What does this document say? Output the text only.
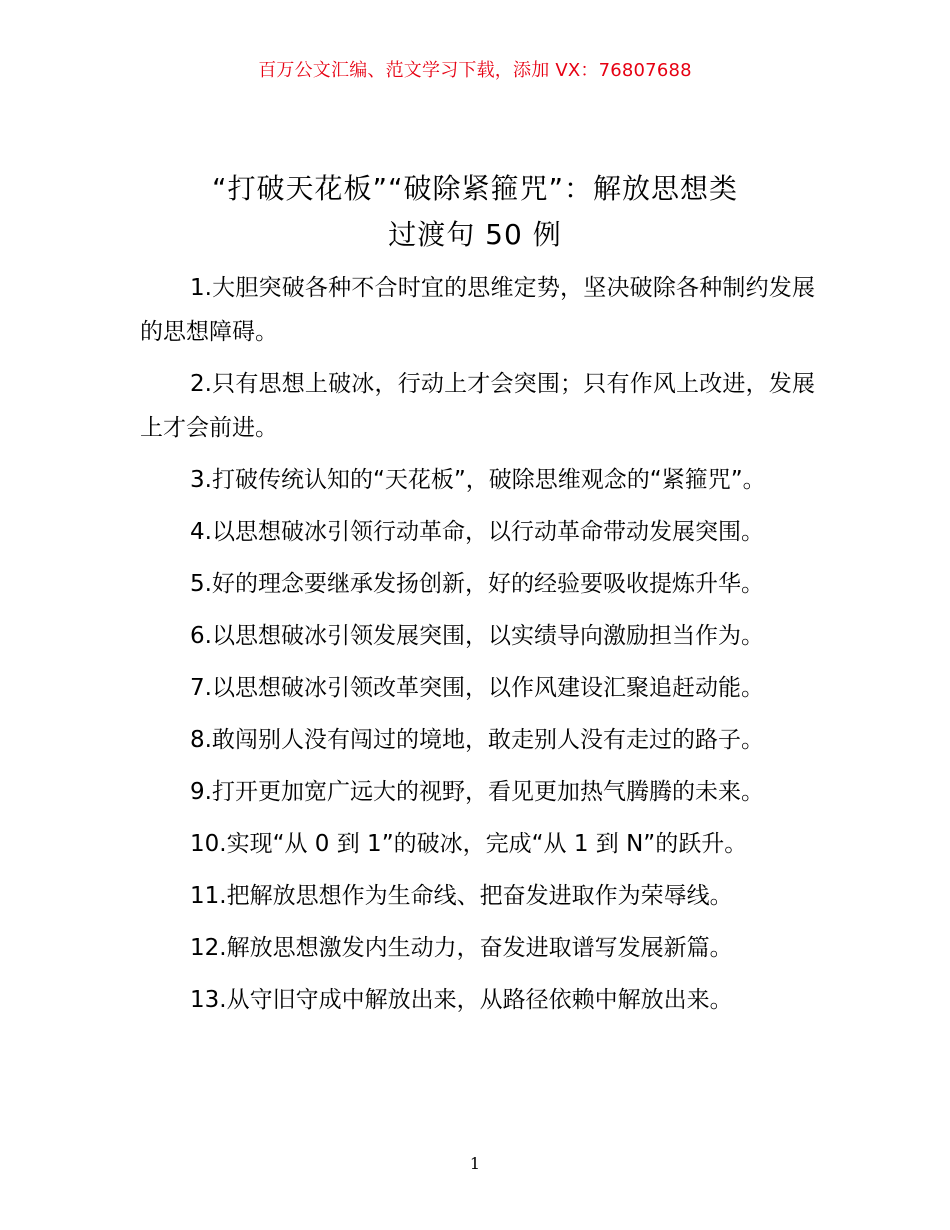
百万公文汇编、范文学习下载，添加 VX：76807688
“打破天花板”“破除紧箍咒”：解放思想类
过渡句 50 例

1.大胆突破各种不合时宜的思维定势，坚决破除各种制约发展的思想障碍。

2.只有思想上破冰，行动上才会突围；只有作风上改进，发展上才会前进。

3.打破传统认知的“天花板”，破除思维观念的“紧箍咒”。

4.以思想破冰引领行动革命，以行动革命带动发展突围。

5.好的理念要继承发扬创新，好的经验要吸收提炼升华。

6.以思想破冰引领发展突围，以实绩导向激励担当作为。

7.以思想破冰引领改革突围，以作风建设汇聚追赶动能。

8.敢闯别人没有闯过的境地，敢走别人没有走过的路子。

9.打开更加宽广远大的视野，看见更加热气腾腾的未来。

10.实现“从 0 到 1”的破冰，完成“从 1 到 N”的跃升。

11.把解放思想作为生命线、把奋发进取作为荣辱线。

12.解放思想激发内生动力，奋发进取谱写发展新篇。

13.从守旧守成中解放出来，从路径依赖中解放出来。

1
